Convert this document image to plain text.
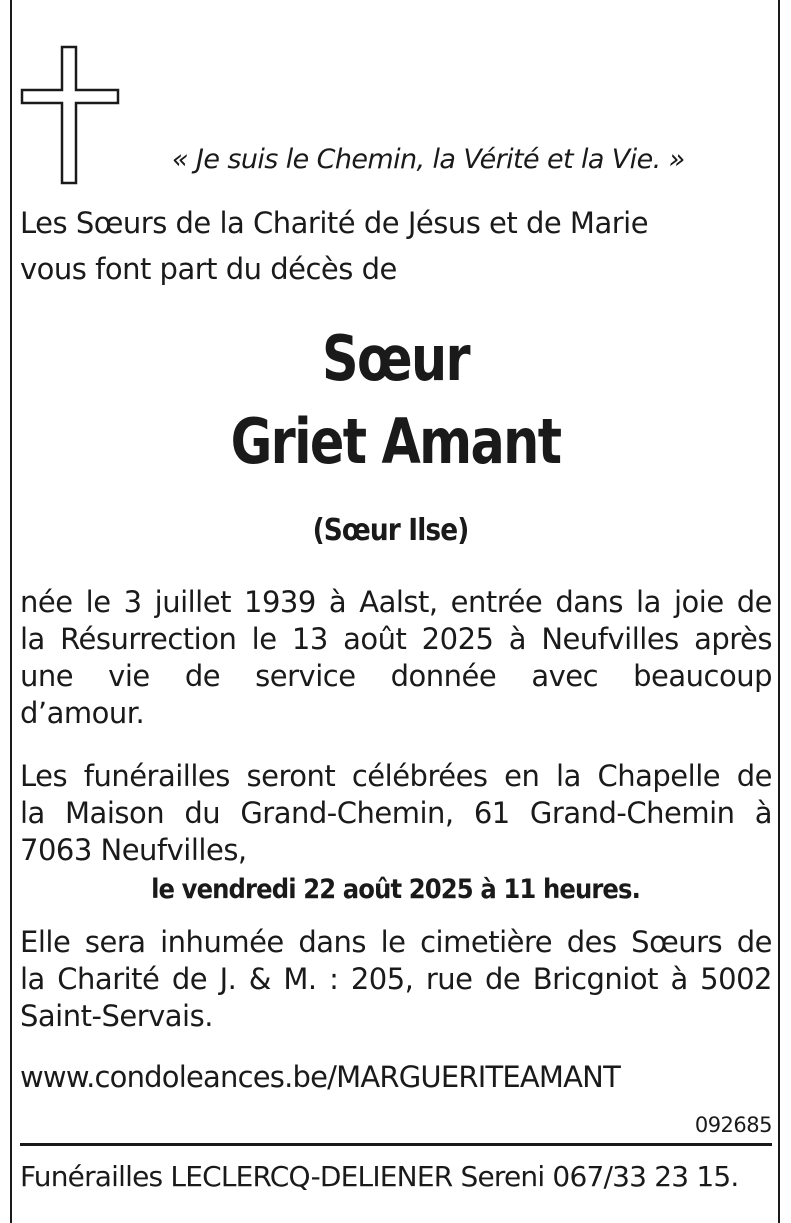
« Je suis le Chemin, la Vérité et la Vie. »
Les Sœurs de la Charité de Jésus et de Marie
vous font part du décès de
Sœur
Griet Amant
(Sœur Ilse)
née le 3 juillet 1939 à Aalst, entrée dans la joie de
la Résurrection le 13 août 2025 à Neufvilles après
une vie de service donnée avec beaucoup
d’amour.
Les funérailles seront célébrées en la Chapelle de
la Maison du Grand-Chemin, 61 Grand-Chemin à
7063 Neufvilles,
le vendredi 22 août 2025 à 11 heures.
Elle sera inhumée dans le cimetière des Sœurs de
la Charité de J. & M. : 205, rue de Bricgniot à 5002
Saint-Servais.
www.condoleances.be/MARGUERITEAMANT
092685
Funérailles LECLERCQ-DELIENER Sereni 067/33 23 15.
